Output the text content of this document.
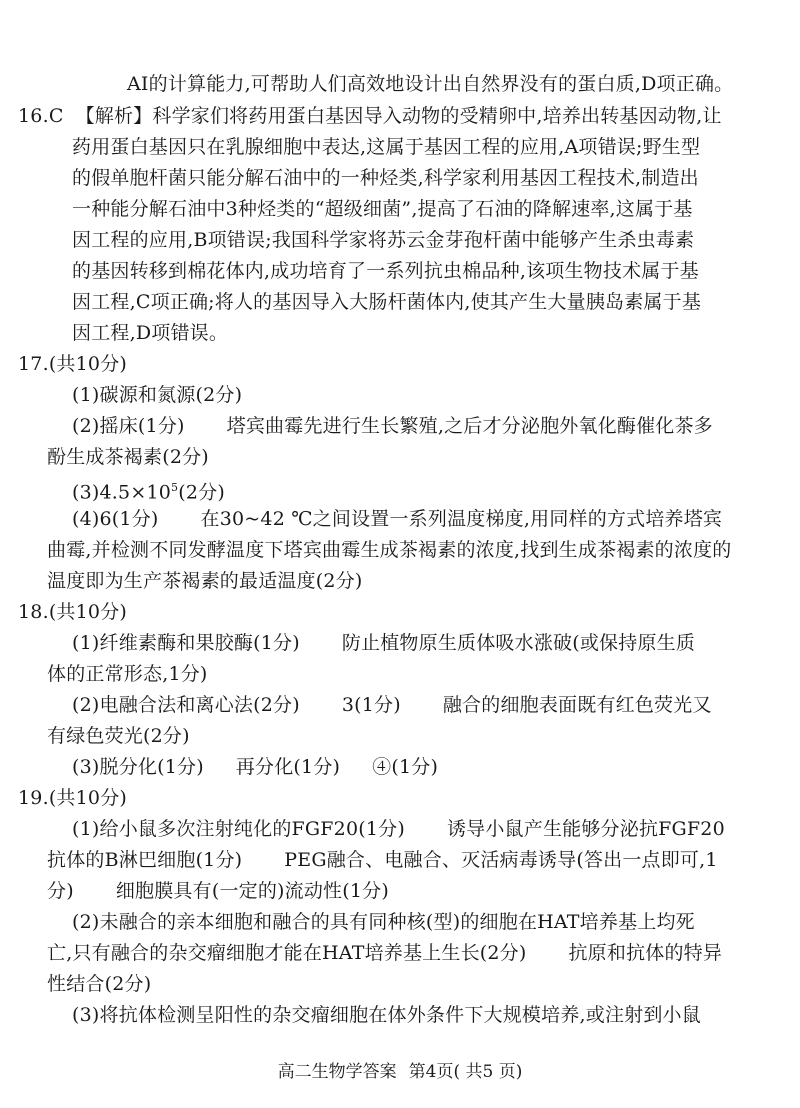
AI的计算能力,可帮助人们高效地设计出自然界没有的蛋白质,D项正确。
16.C 【解析】科学家们将药用蛋白基因导入动物的受精卵中,培养出转基因动物,让
药用蛋白基因只在乳腺细胞中表达,这属于基因工程的应用,A项错误;野生型
的假单胞杆菌只能分解石油中的一种烃类,科学家利用基因工程技术,制造出
一种能分解石油中3种烃类的“超级细菌”,提高了石油的降解速率,这属于基
因工程的应用,B项错误;我国科学家将苏云金芽孢杆菌中能够产生杀虫毒素
的基因转移到棉花体内,成功培育了一系列抗虫棉品种,该项生物技术属于基
因工程,C项正确;将人的基因导入大肠杆菌体内,使其产生大量胰岛素属于基
因工程,D项错误。
17.(共10分)
(1)碳源和氮源(2分)
(2)摇床(1分) 塔宾曲霉先进行生长繁殖,之后才分泌胞外氧化酶催化茶多
酚生成茶褐素(2分)
$(3)4.5\times 10^5(2$分)
(4)6(1分) 在30~42 ℃之间设置一系列温度梯度,用同样的方式培养塔宾
曲霉,并检测不同发酵温度下塔宾曲霉生成茶褐素的浓度,找到生成茶褐素的浓度的
温度即为生产茶褐素的最适温度(2分)
18.(共10分)
(1)纤维素酶和果胶酶(1分) 防止植物原生质体吸水涨破(或保持原生质
体的正常形态,1分)
(2)电融合法和离心法(2分) 3(1分) 融合的细胞表面既有红色荧光又
有绿色荧光(2分)
(3)脱分化(1分) 再分化(1分) ④(1分)
19.(共10分)
(1)给小鼠多次注射纯化的FGF20(1分) 诱导小鼠产生能够分泌抗FGF20
抗体的B淋巴细胞(1分) PEG融合、电融合、灭活病毒诱导(答出一点即可,1
分) 细胞膜具有(一定的)流动性(1分)
(2)未融合的亲本细胞和融合的具有同种核(型)的细胞在HAT培养基上均死
亡,只有融合的杂交瘤细胞才能在HAT培养基上生长(2分) 抗原和抗体的特异
性结合(2分)
(3)将抗体检测呈阳性的杂交瘤细胞在体外条件下大规模培养,或注射到小鼠
高二生物学答案 第4页( 共5 页)
